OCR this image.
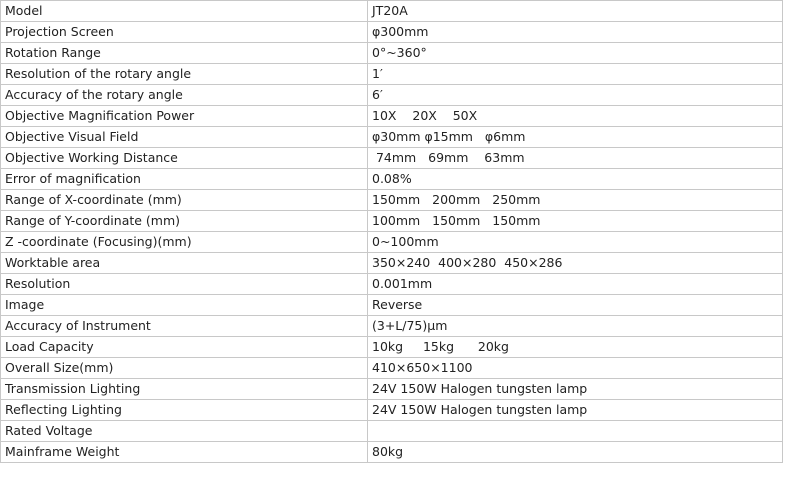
Model	JT20A
Projection Screen	φ300mm
Rotation Range	0°~360°
Resolution of the rotary angle	1′
Accuracy of the rotary angle	6′
Objective Magnification Power	10X    20X    50X
Objective Visual Field	φ30mm φ15mm   φ6mm
Objective Working Distance	74mm   69mm    63mm
Error of magnification	0.08%
Range of X-coordinate (mm)	150mm   200mm   250mm
Range of Y-coordinate (mm)	100mm   150mm   150mm
Z -coordinate (Focusing)(mm)	0~100mm
Worktable area	350×240  400×280  450×286
Resolution	0.001mm
Image	Reverse
Accuracy of Instrument	(3+L/75)μm
Load Capacity	10kg     15kg      20kg
Overall Size(mm)	410×650×1100
Transmission Lighting	24V 150W Halogen tungsten lamp
Reflecting Lighting	24V 150W Halogen tungsten lamp
Rated Voltage	
Mainframe Weight	80kg
